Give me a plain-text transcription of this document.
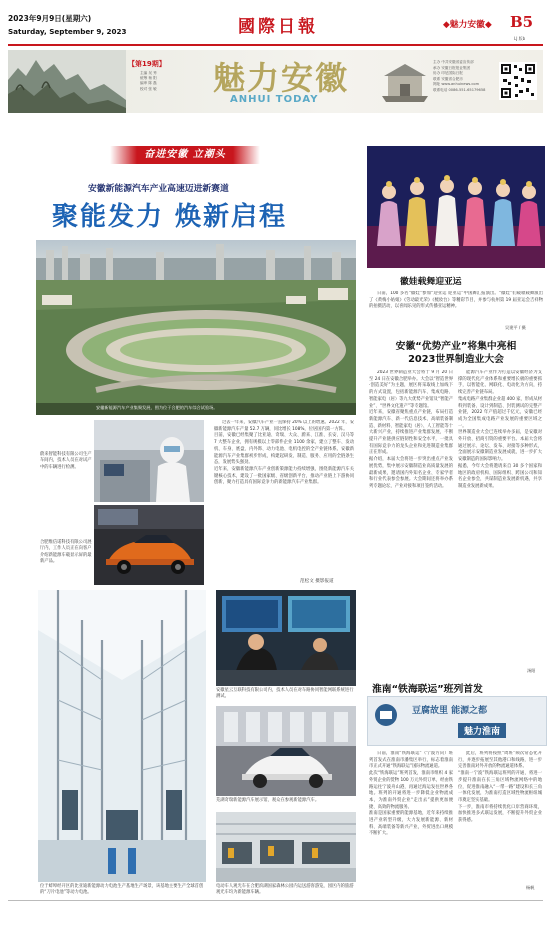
2023年9月9日(星期六)
Saturday, September 9, 2023	國際日報	◆魅力安徽◆ B5
LJ 版b
【第19期】
主编 吴 秀
统筹 杨 阳
编审 陈 磊
校对 张 敏 魅力安徽
ANHUI TODAY
主办 中共安徽省委宣传部
承办 安徽日报报业集团
协办 印尼国际日报
联系 安徽省合肥市
网址 www.anhuinews.com
联系电话 0086-551-65179658
奋进安徽 立潮头
安徽新能源汽车产业高速迈进新赛道
聚能发力 焕新启程
安徽新能源汽车产业集聚发展，图为位于合肥的汽车综合试验场。
蔚来智能科技有限公司生产车间内，技术人员在对试产中的车辆进行检测。
合肥维信诺科技有限公司展厅内，工作人员正在向客户介绍新能源车载显示屏的最新产品。
位于蚌埠经开区的比亚迪新能源动力电池生产基地生产场景，该基地主要生产全球首创的“刀片电池”等动力电池。
过去一年来，安徽汽车产业一直保持 20% 以上的增速。2022 年，安徽新能源汽车产量 52.7 万辆，同比增长 108%，位居国内第一方阵。
目前，安徽已经集聚了比亚迪、奇瑞、大众、蔚来、江淮、长安、汉马等 7 大整车企业，拥有规模以上零部件企业 1100 余家，建立了整车、发动机、车身、底盘、内外饰、动力电池、电机电控的全产业链体系。安徽新能源汽车产业集群初步形成，构建起研发、制造、服务、应用的全链条生态，发展势头强劲。
近年来，安徽新能源汽车产业创新策源能力持续增强，围绕新能源汽车关键核心技术，建设了一批国家级、省级创新平台，推动产业链上下游协同创新，聚力打造具有国际竞争力的新能源汽车产业集群。
范松文 摄影报道
安徽星云互联科技有限公司内，技术人员在对车路协同智能网联系统进行测试。
芜湖奇瑞新能源汽车展示馆，观众在参观新能源汽车。
电动车人观光车在合肥滨湖国家森林公园内运送游客游览，园区内的旅游观光车均为新能源车辆。
徽娃载舞迎亚运
日前，100 多名“徽娃”参加“迎亚运 迎亚运”中国舞汇报演出。“徽娃”们载歌载舞演出了《黄梅小姑娘》《劳动最光荣》《梳妆台》等精彩节目，并参与杭州第 19 届亚运会吉祥物的拍摄活动，以喜闻乐见的形式传播亚运精神。
吴建平 / 摄
安徽“优势产业”将集中亮相
2023世界制造业大会
2023 世界制造业大会将于 9 月 20 日至 24 日在安徽合肥举办。大会以“智造世界·创造美好”为主题，展区将采取线上加线下的方式设置，包括新能源汽车、集成电路、智能家电（居）等九大优势产业馆及“智能产业”、“世界文化遗产”等专题馆。
近年来，安徽省聚焦重点产业链，布局打造新能源汽车、新一代信息技术、高端装备制造、新材料、智能家电（居）、人工智能等十大新兴产业，持续推进产业集群发展，不断提升产业链供应链韧性和安全水平，一批具有国际竞争力的龙头企业和先进制造业集群正在形成。
据介绍，本届大会将进一步突出重点产业发展优势，集中展示安徽制造业高质量发展的最新成果，邀请国内外知名企业、专家学者和行业代表参会参展。大会期间还将举办系列专题论坛、产业对接和项目签约活动。
能源汽车产业作为打造以安徽经济为支撑的现代化产业体系和重要增长极的重要抓手，以智能化、网联化、电动化为方向，持续完善产业链布局。
集成电路产业集群企业超 400 家，形成从材料到装备、设计到制造、封装测试的完整产业链，2022 年产值超过千亿元，安徽已经成为全国集成电路产业发展的重要区域之一。
世界制造业大会已连续举办多届，是安徽对外开放、招商引资的重要平台。本届大会将通过展示、论坛、发布、对接等多种形式，全面展示安徽制造业发展成就，进一步扩大安徽制造的国际影响力。
据悉，今年大会将邀请来自 30 多个国家和地区的政府机构、国际组织、跨国公司和知名企业参会，共谋制造业发展新机遇，共享制造业发展新成果。
汤阳
淮南“铁海联运”班列首发
豆腐故里 能源之都
魅力淮南
日前，淮南“铁海联运”（宁波方向）班列首发式在淮南市潘集区举行，标志着淮南市正式开通“铁海联运”国际物流通道。
此次“铁海联运”班列首发，淮南市组织 4 家外贸企业的货物 100 万元外贸订单，经由铁路运往宁波舟山港，再通过海运发往世界各地。班列的开通将进一步降低企业物流成本，为淮南外贸企业“走出去”提供更加便捷、高效的物流服务。
淮南是国家重要的能源基地，近年来持续推进产业转型升级，大力发展新能源、新材料、高端装备等新兴产业，外贸进出口规模不断扩大。
此后，班列将按照“周班”频次常态化开行，并逐步拓展至其他港口和线路，进一步完善淮南对外开放的物流通道体系。
“淮南一宁波”铁海联运班列的开通，将进一步提升淮南在长三角区域物流网络中的地位，促进淮南融入“一带一路”建设和长三角一体化发展，为淮南打造区域性物流枢纽城市奠定坚实基础。
下一步，淮南市将持续优化口岸营商环境，加快推进多式联运发展，不断提升外贸企业获得感。
杨帆
